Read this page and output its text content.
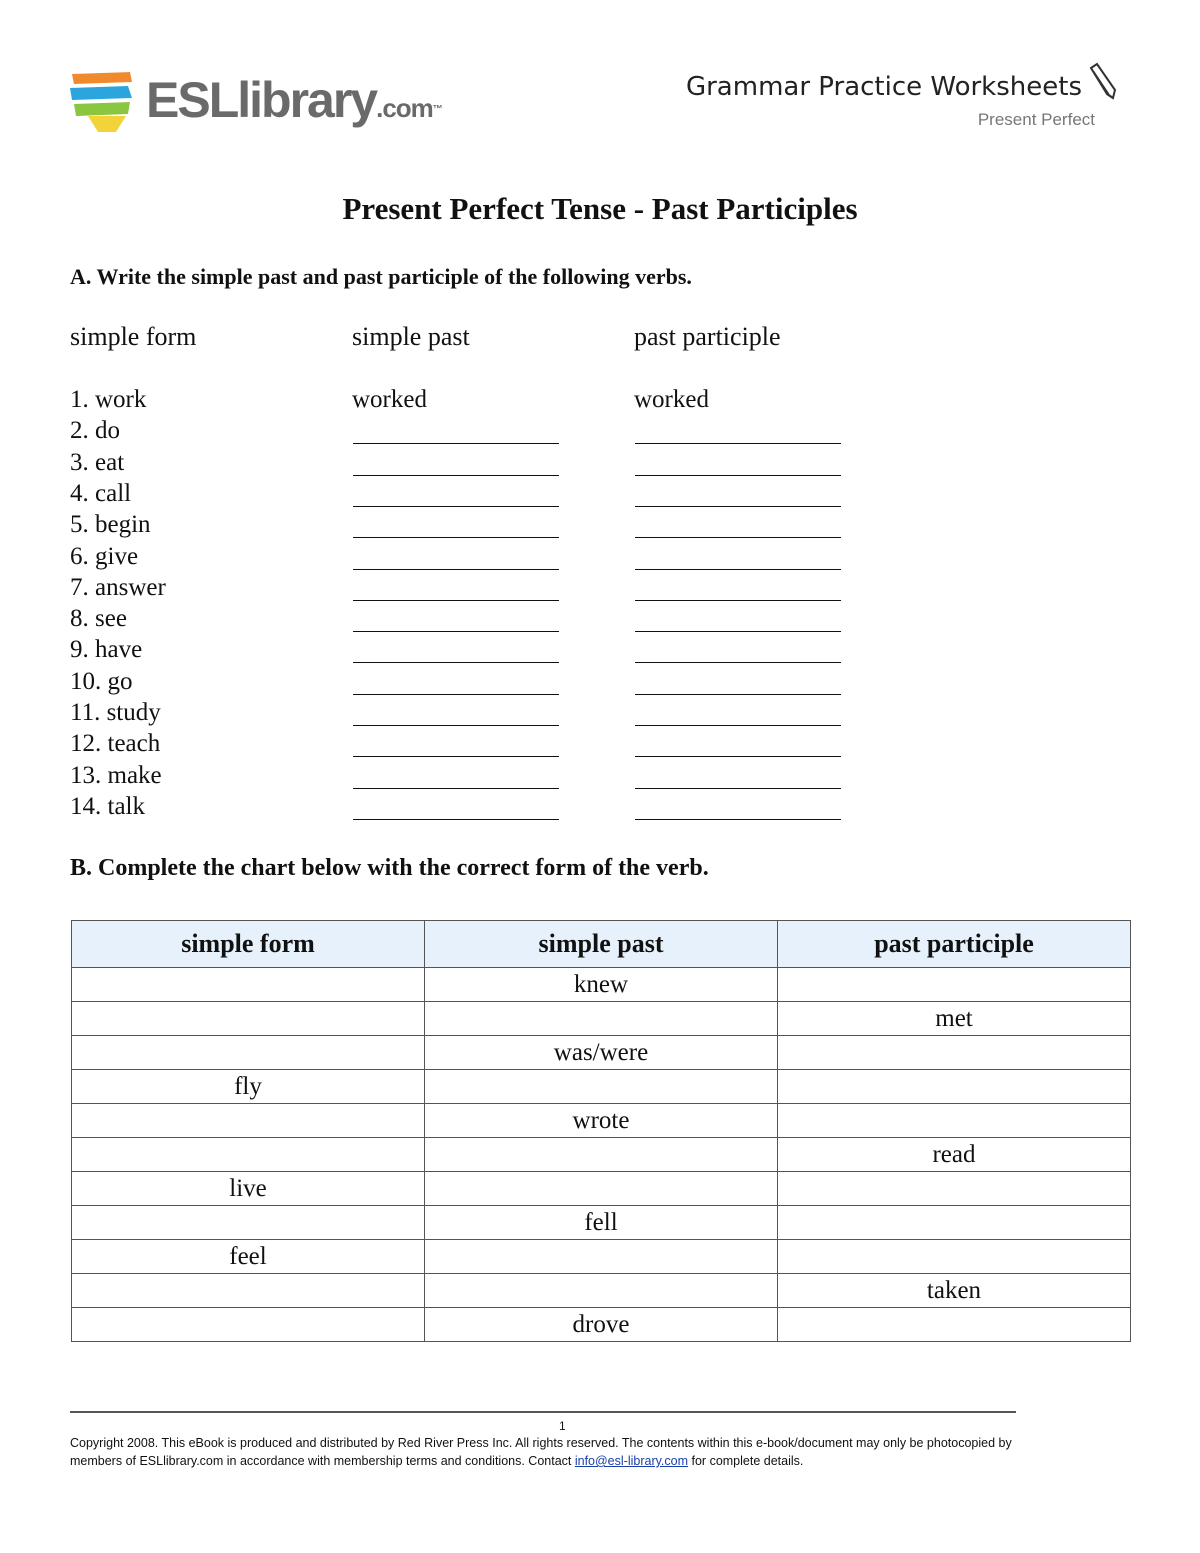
ESLlibrary.com™
Grammar Practice Worksheets
Present Perfect
Present Perfect Tense - Past Participles
A. Write the simple past and past participle of the following verbs.
simple form	simple past	past participle
1. work	worked	worked
2. do
3. eat
4. call
5. begin
6. give
7. answer
8. see
9. have
10. go
11. study
12. teach
13. make
14. talk
B. Complete the chart below with the correct form of the verb.
simple form	simple past	past participle
	knew	
		met
	was/were	
fly		
	wrote	
		read
live		
	fell	
feel		
		taken
	drove	
1
Copyright 2008. This eBook is produced and distributed by Red River Press Inc. All rights reserved. The contents within this e-book/document may only be photocopied by members of ESLlibrary.com in accordance with membership terms and conditions. Contact info@esl-library.com for complete details.
